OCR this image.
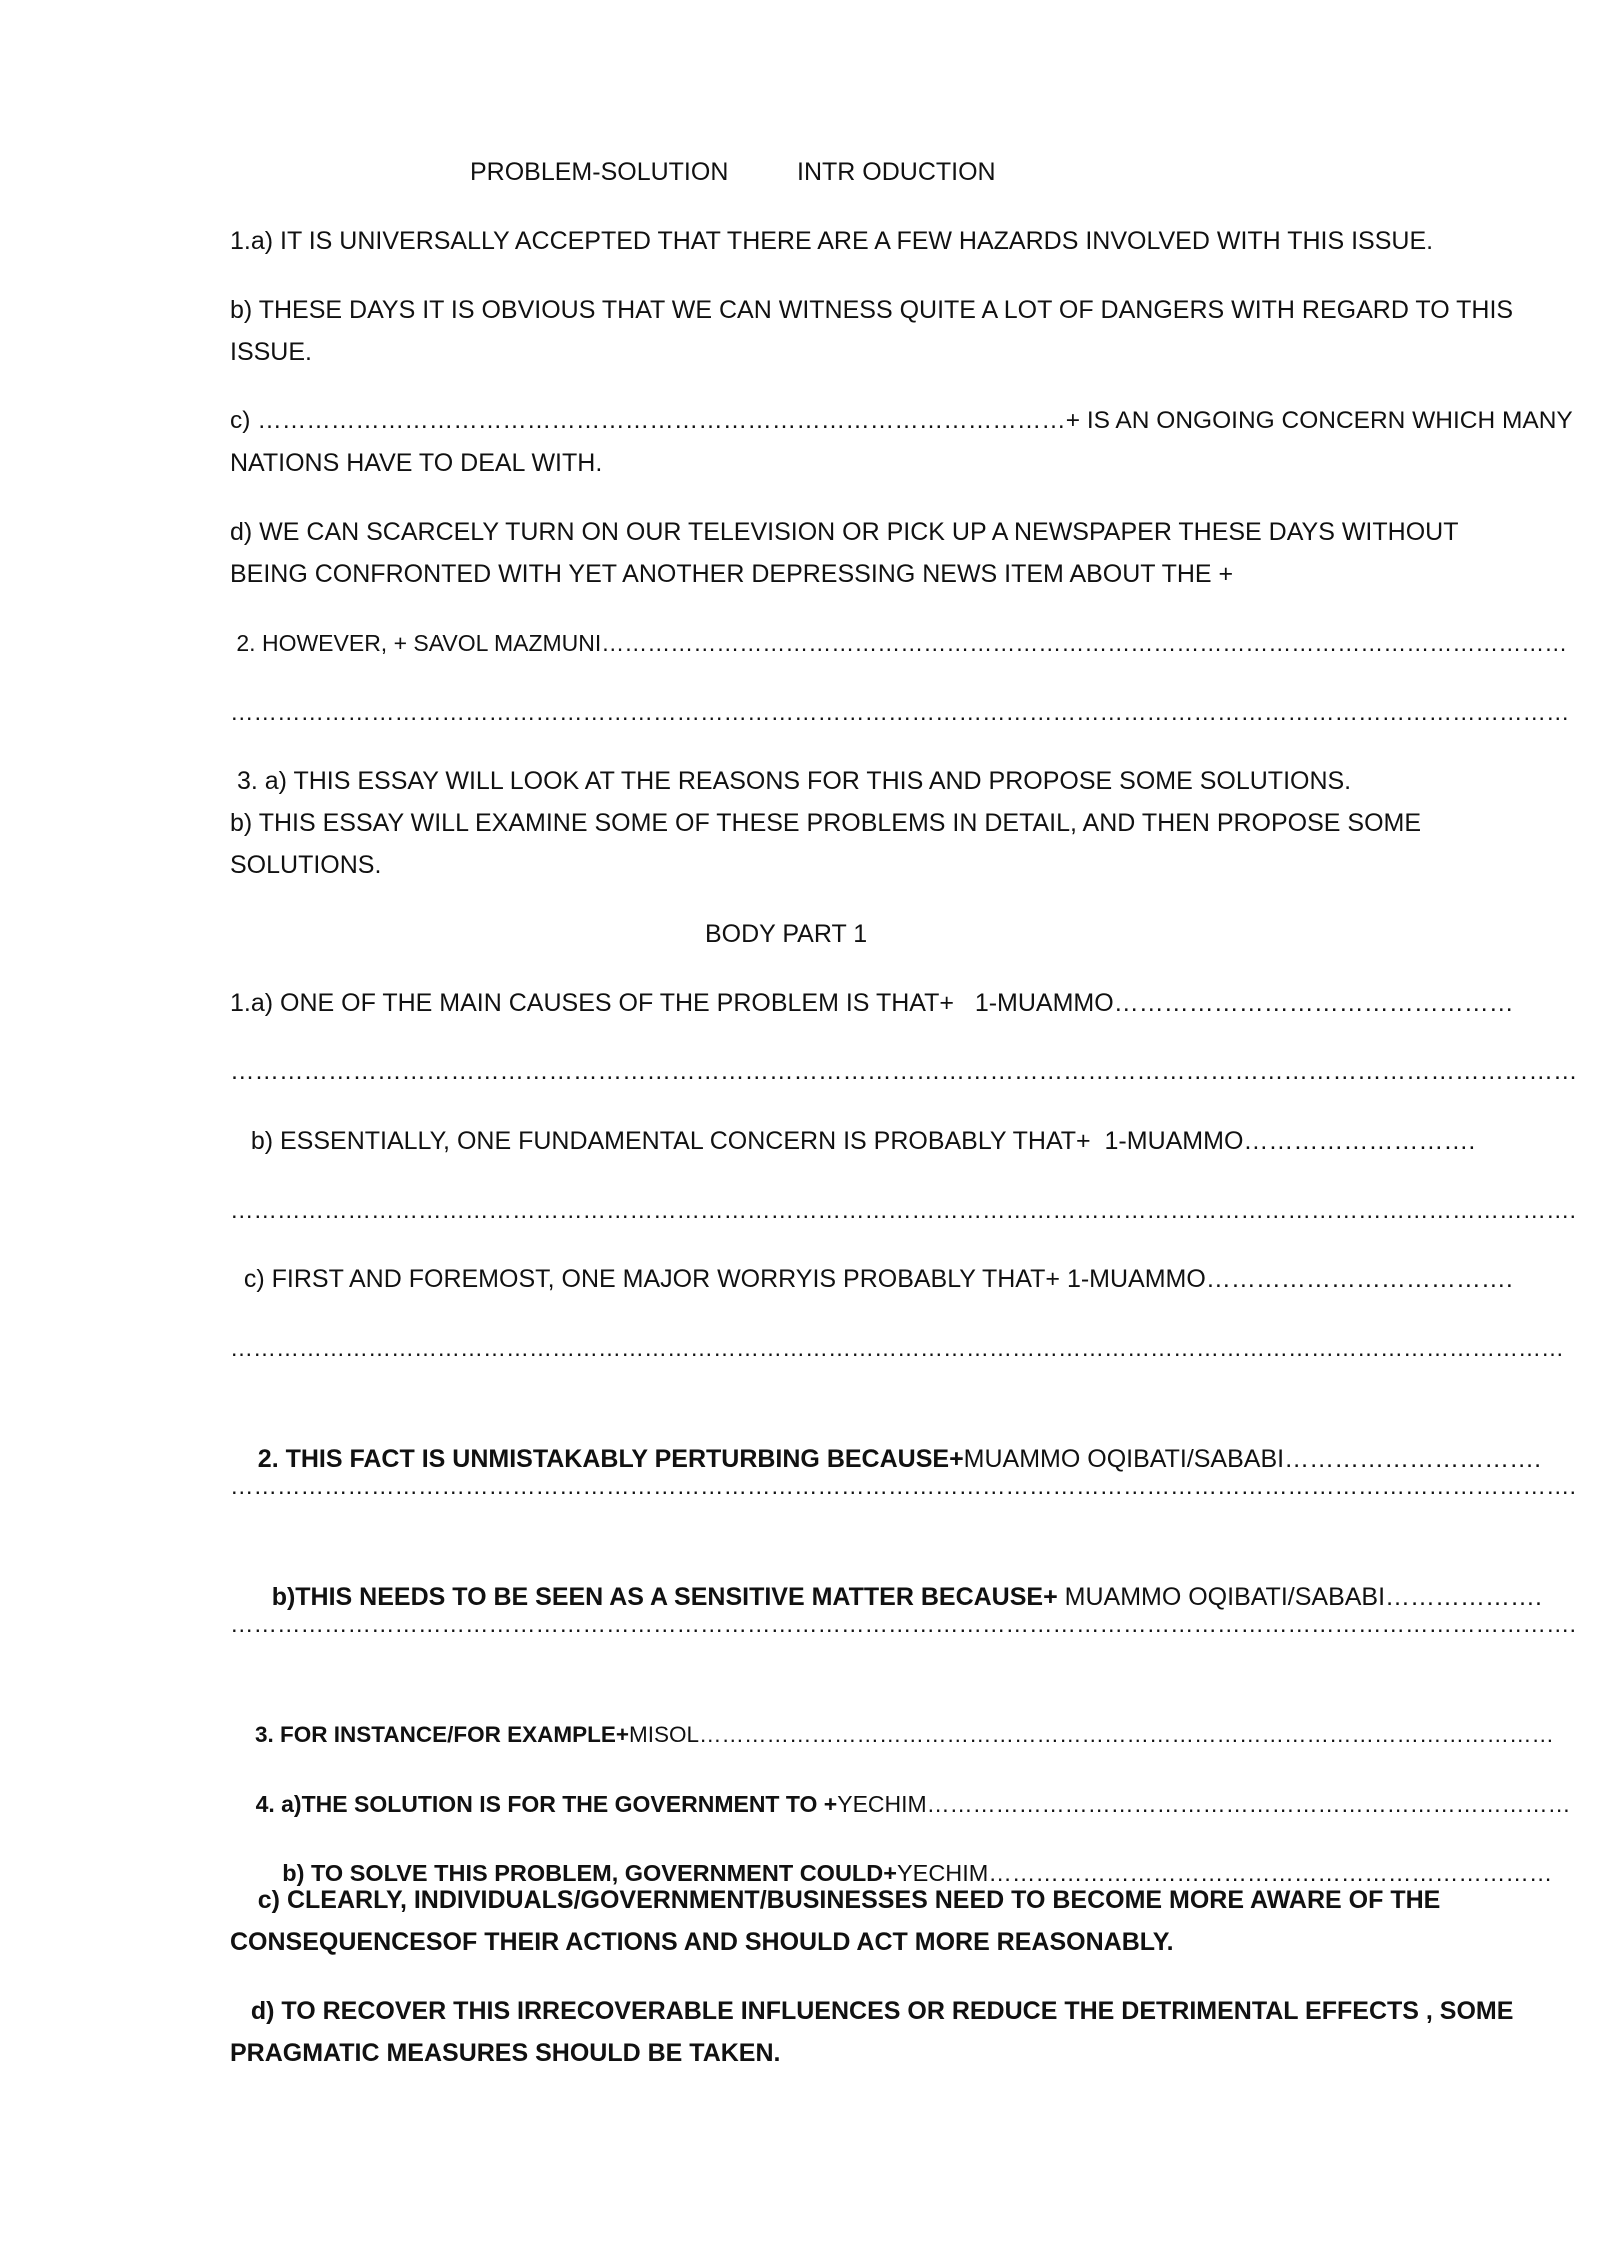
PROBLEM-SOLUTION	INTR ODUCTION
1.a) IT IS UNIVERSALLY ACCEPTED THAT THERE ARE A FEW HAZARDS INVOLVED WITH THIS ISSUE.
b) THESE DAYS IT IS OBVIOUS THAT WE CAN WITNESS QUITE A LOT OF DANGERS WITH REGARD TO THIS
ISSUE.
c) ………………………………………………………………………………………+ IS AN ONGOING CONCERN WHICH MANY
NATIONS HAVE TO DEAL WITH.
d) WE CAN SCARCELY TURN ON OUR TELEVISION OR PICK UP A NEWSPAPER THESE DAYS WITHOUT
BEING CONFRONTED WITH YET ANOTHER DEPRESSING NEWS ITEM ABOUT THE +
2. HOWEVER, + SAVOL MAZMUNI………………………………………………………………………………………………………………
………………………………………………………………………………………………………………………………………………………
3. a) THIS ESSAY WILL LOOK AT THE REASONS FOR THIS AND PROPOSE SOME SOLUTIONS.
b) THIS ESSAY WILL EXAMINE SOME OF THESE PROBLEMS IN DETAIL, AND THEN PROPOSE SOME
SOLUTIONS.
BODY PART 1
1.a) ONE OF THE MAIN CAUSES OF THE PROBLEM IS THAT+   1-MUAMMO…………………………………………
…………………………………………………………………………………………………………………………………………………
b) ESSENTIALLY, ONE FUNDAMENTAL CONCERN IS PROBABLY THAT+  1-MUAMMO……………………….
……………………………………………………………………………………………………………………………………………………….
c) FIRST AND FOREMOST, ONE MAJOR WORRYIS PROBABLY THAT+ 1-MUAMMO……………………………….
…………………………………………………………………………………………………………………………………………………………

2. THIS FACT IS UNMISTAKABLY PERTURBING BECAUSE+MUAMMO OQIBATI/SABABI………………………….

……………………………………………………………………………………………………………………………………………………….

b)THIS NEEDS TO BE SEEN AS A SENSITIVE MATTER BECAUSE+ MUAMMO OQIBATI/SABABI……………….

……………………………………………………………………………………………………………………………………………………….

3. FOR INSTANCE/FOR EXAMPLE+MISOL……………………………………………………………………………………………………

4. a)THE SOLUTION IS FOR THE GOVERNMENT TO +YECHIM…………………………………………………………………………

b) TO SOLVE THIS PROBLEM, GOVERNMENT COULD+YECHIM………………………………………………………………

c) CLEARLY, INDIVIDUALS/GOVERNMENT/BUSINESSES NEED TO BECOME MORE AWARE OF THE
CONSEQUENCESOF THEIR ACTIONS AND SHOULD ACT MORE REASONABLY.
d) TO RECOVER THIS IRRECOVERABLE INFLUENCES OR REDUCE THE DETRIMENTAL EFFECTS , SOME
PRAGMATIC MEASURES SHOULD BE TAKEN.
